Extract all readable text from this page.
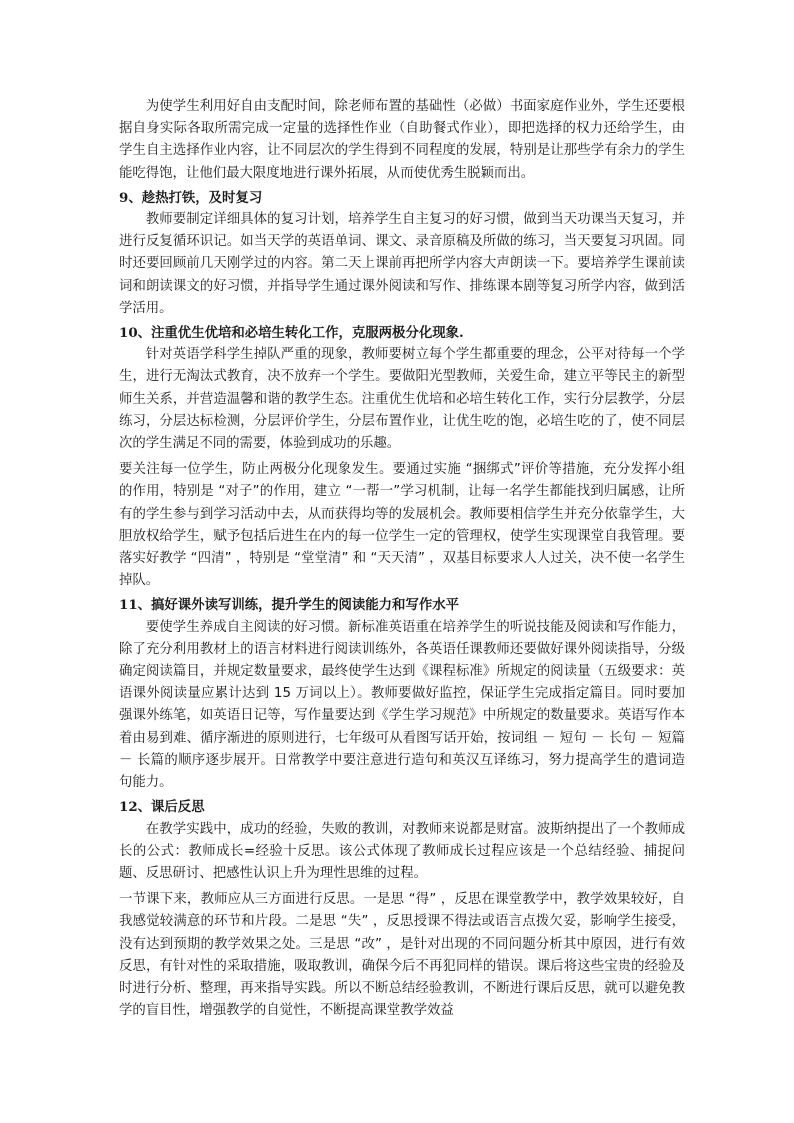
为使学生利用好自由支配时间，除老师布置的基础性（必做）书面家庭作业外，学生还要根据自身实际各取所需完成一定量的选择性作业（自助餐式作业），即把选择的权力还给学生，由学生自主选择作业内容，让不同层次的学生得到不同程度的发展，特别是让那些学有余力的学生能吃得饱，让他们最大限度地进行课外拓展，从而使优秀生脱颖而出。

9、趁热打铁，及时复习

教师要制定详细具体的复习计划，培养学生自主复习的好习惯，做到当天功课当天复习，并进行反复循环识记。如当天学的英语单词、课文、录音原稿及所做的练习，当天要复习巩固。同时还要回顾前几天刚学过的内容。第二天上课前再把所学内容大声朗读一下。要培养学生课前读词和朗读课文的好习惯，并指导学生通过课外阅读和写作、排练课本剧等复习所学内容，做到活学活用。

10、注重优生优培和必培生转化工作，克服两极分化现象.

针对英语学科学生掉队严重的现象，教师要树立每个学生都重要的理念，公平对待每一个学生，进行无淘汰式教育，决不放弃一个学生。要做阳光型教师，关爱生命，建立平等民主的新型师生关系，并营造温馨和谐的教学生态。注重优生优培和必培生转化工作，实行分层教学，分层练习，分层达标检测，分层评价学生，分层布置作业，让优生吃的饱，必培生吃的了，使不同层次的学生满足不同的需要，体验到成功的乐趣。

要关注每一位学生，防止两极分化现象发生。要通过实施 “捆绑式”评价等措施，充分发挥小组的作用，特别是 “对子”的作用，建立 “一帮一”学习机制，让每一名学生都能找到归属感，让所有的学生参与到学习活动中去，从而获得均等的发展机会。教师要相信学生并充分依靠学生，大胆放权给学生，赋予包括后进生在内的每一位学生一定的管理权，使学生实现课堂自我管理。要落实好教学 “四清” ，特别是 “堂堂清” 和 “天天清” ，双基目标要求人人过关，决不使一名学生掉队。

11、搞好课外读写训练，提升学生的阅读能力和写作水平

要使学生养成自主阅读的好习惯。新标准英语重在培养学生的听说技能及阅读和写作能力，除了充分利用教材上的语言材料进行阅读训练外，各英语任课教师还要做好课外阅读指导，分级确定阅读篇目，并规定数量要求，最终使学生达到《课程标准》所规定的阅读量（五级要求：英语课外阅读量应累计达到 15 万词以上）。教师要做好监控，保证学生完成指定篇目。同时要加强课外练笔，如英语日记等，写作量要达到《学生学习规范》中所规定的数量要求。英语写作本着由易到难、循序渐进的原则进行，七年级可从看图写话开始，按词组 － 短句 － 长句 － 短篇 － 长篇的顺序逐步展开。日常教学中要注意进行造句和英汉互译练习，努力提高学生的遣词造句能力。

12、课后反思

在教学实践中，成功的经验，失败的教训，对教师来说都是财富。波斯纳提出了一个教师成长的公式：教师成长=经验十反思。该公式体现了教师成长过程应该是一个总结经验、捕捉问题、反思研讨、把感性认识上升为理性思维的过程。

一节课下来，教师应从三方面进行反思。一是思 “得” ，反思在课堂教学中，教学效果较好，自我感觉较满意的环节和片段。二是思 “失” ，反思授课不得法或语言点拨欠妥，影响学生接受，没有达到预期的教学效果之处。三是思 “改” ，是针对出现的不同问题分析其中原因，进行有效反思，有针对性的采取措施，吸取教训，确保今后不再犯同样的错误。课后将这些宝贵的经验及时进行分析、整理，再来指导实践。所以不断总结经验教训，不断进行课后反思，就可以避免教学的盲目性，增强教学的自觉性，不断提高课堂教学效益
